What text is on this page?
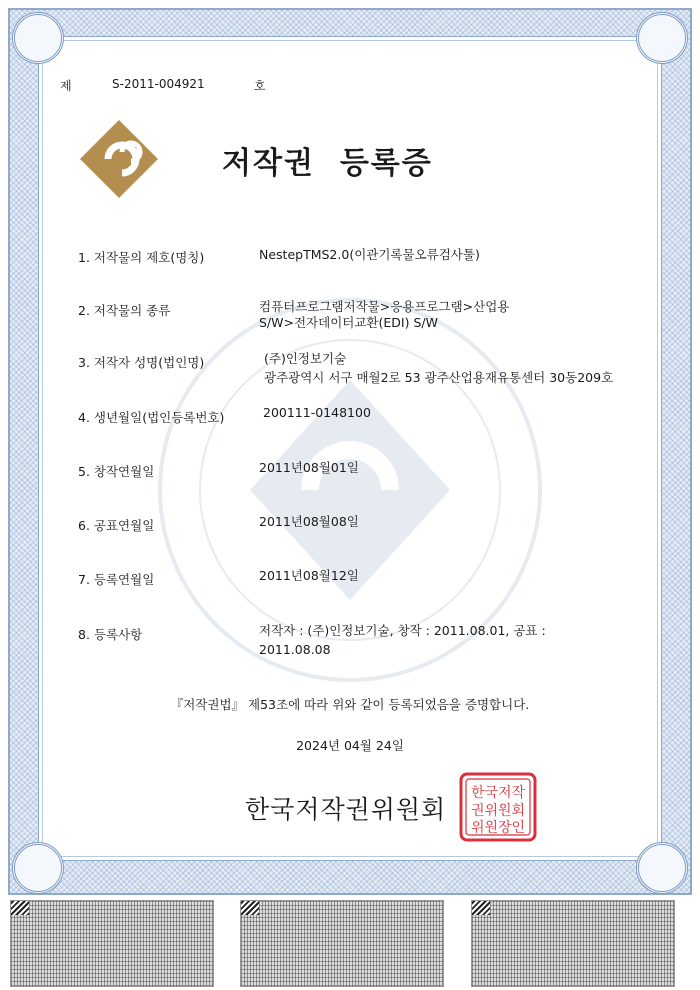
제	S-2011-004921	호
저작권  등록증
1. 저작물의 제호(명칭)	NestepTMS2.0(이관기록물오류검사툴)
2. 저작물의 종류	컴퓨터프로그램저작물>응용프로그램>산업용
S/W>전자데이터교환(EDI) S/W
3. 저작자 성명(법인명)	(주)인정보기술
광주광역시 서구 매월2로 53 광주산업용재유통센터 30동209호
4. 생년월일(법인등록번호)	200111-0148100
5. 창작연월일	2011년08월01일
6. 공표연월일	2011년08월08일
7. 등록연월일	2011년08월12일
8. 등록사항	저작자 : (주)인정보기술, 창작 : 2011.08.01, 공표 :
2011.08.08
『저작권법』 제53조에 따라 위와 같이 등록되었음을 증명합니다.
2024년 04월 24일
한국저작권위원회
한국저작
권위원회
위원장인
